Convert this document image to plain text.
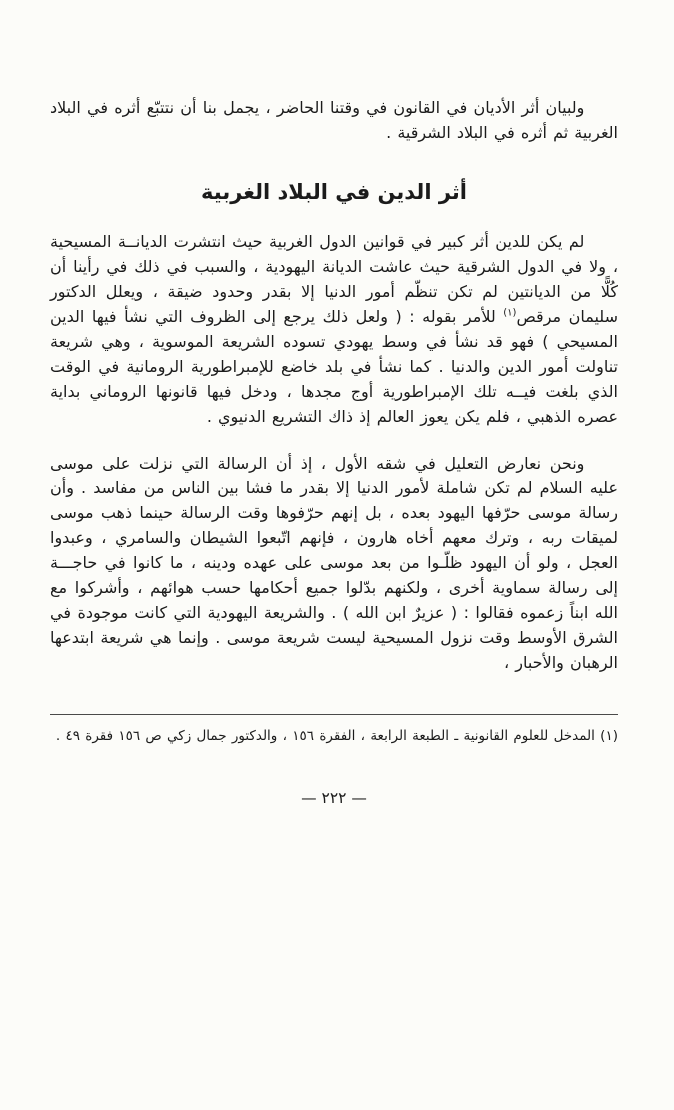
ولبيان أثر الأديان في القانون في وقتنا الحاضر ، يجمل بنا أن نتتبّع أثره في البلاد الغربية ثم أثره في البلاد الشرقية .

أثر الدين في البلاد الغربية

لم يكن للدين أثر كبير في قوانين الدول الغربية حيث انتشرت الديانــة المسيحية ، ولا في الدول الشرقية حيث عاشت الديانة اليهودية ، والسبب في ذلك في رأينا أن كُلًّا من الديانتين لم تكن تنظّم أمور الدنيا إلا بقدر وحدود ضيقة ، ويعلل الدكتور سليمان مرقص$^{(١)}$ للأمر بقوله : ( ولعل ذلك يرجع إلى الظروف التي نشأ فيها الدين المسيحي ) فهو قد نشأ في وسط يهودي تسوده الشريعة الموسوية ، وهي شريعة تناولت أمور الدين والدنيا . كما نشأ في بلد خاضع للإمبراطورية الرومانية في الوقت الذي بلغت فيــه تلك الإمبراطورية أوج مجدها ، ودخل فيها قانونها الروماني بداية عصره الذهبي ، فلم يكن يعوز العالم إذ ذاك التشريع الدنيوي .

ونحن نعارض التعليل في شقه الأول ، إذ أن الرسالة التي نزلت على موسى عليه السلام لم تكن شاملة لأمور الدنيا إلا بقدر ما فشا بين الناس من مفاسد . وأن رسالة موسى حرّفها اليهود بعده ، بل إنهم حرّفوها وقت الرسالة حينما ذهب موسى لميقات ربه ، وترك معهم أخاه هارون ، فإنهم اتّبعوا الشيطان والسامري ، وعبدوا العجل ، ولو أن اليهود ظلّـوا من بعد موسى على عهده ودينه ، ما كانوا في حاجـــة إلى رسالة سماوية أخرى ، ولكنهم بدّلوا جميع أحكامها حسب هوائهم ، وأشركوا مع الله ابناً زعموه فقالوا : ( عزيرٌ ابن الله ) . والشريعة اليهودية التي كانت موجودة في الشرق الأوسط وقت نزول المسيحية ليست شريعة موسى . وإنما هي شريعة ابتدعها الرهبان والأحبار ،

(١) المدخل للعلوم القانونية ـ الطبعة الرابعة ، الفقرة ١٥٦ ، والدكتور جمال زكي ص ١٥٦ فقرة ٤٩ .

— ٢٢٢ —
